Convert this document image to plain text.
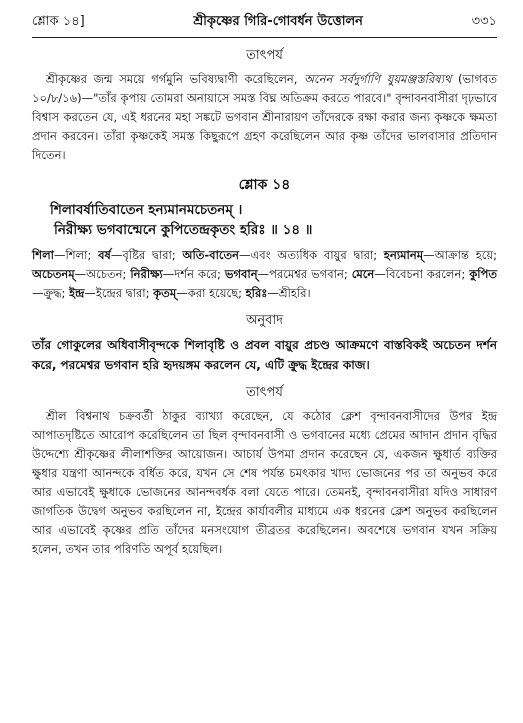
শ্লোক ১৪]	শ্রীকৃষ্ণের গিরি-গোবর্ধন উত্তোলন	৩৩১
তাৎপর্য

শ্রীকৃষ্ণের জন্ম সময়ে গর্গমুনি ভবিষ্যদ্বাণী করেছিলেন, অনেন সর্বদুর্গাণি যুয়মঞ্জস্তরিষ্যথ (ভাগবত ১০/৮/১৬)—"তাঁর কৃপায় তোমরা অনায়াসে সমস্ত বিঘ্ন অতিক্রম করতে পারবে।" বৃন্দাবনবাসীরা দৃঢ়ভাবে বিশ্বাস করতেন যে, এই ধরনের মহা সঙ্কটে ভগবান শ্রীনারায়ণ তাঁদেরকে রক্ষা করার জন্য কৃষ্ণকে ক্ষমতা প্রদান করবেন। তাঁরা কৃষ্ণকেই সমস্ত কিছুরূপে গ্রহণ করেছিলেন আর কৃষ্ণ তাঁদের ভালবাসার প্রতিদান দিতেন।

শ্লোক ১৪
শিলাবর্ষাতিবাতেন হন্যমানমচেতনম্ ।
নিরীক্ষ্য ভগবান্মেনে কুপিতেন্দ্রকৃতং হরিঃ ॥ ১৪ ॥

শিলা—শিলা; বর্ষ—বৃষ্টির দ্বারা; অতি-বাতেন—এবং অত্যধিক বায়ুর দ্বারা; হন্যমানম্—আক্রান্ত হয়ে; অচেতনম্—অচেতন; নিরীক্ষ্য—দর্শন করে; ভগবান্—পরমেশ্বর ভগবান; মেনে—বিবেচনা করলেন; কুপিত—ক্রুদ্ধ; ইন্দ্র—ইন্দ্রের দ্বারা; কৃতম্—করা হয়েছে; হরিঃ—শ্রীহরি।

অনুবাদ

তাঁর গোকুলের অধিবাসীবৃন্দকে শিলাবৃষ্টি ও প্রবল বায়ুর প্রচণ্ড আক্রমণে বাস্তবিকই অচেতন দর্শন করে, পরমেশ্বর ভগবান হরি হৃদয়ঙ্গম করলেন যে, এটি ক্রুদ্ধ ইন্দ্রের কাজ।

তাৎপর্য

শ্রীল বিশ্বনাথ চক্রবর্তী ঠাকুর ব্যাখ্যা করেছেন, যে কঠোর ক্লেশ বৃন্দাবনবাসীদের উপর ইন্দ্র আপাতদৃষ্টিতে আরোপ করেছিলেন তা ছিল বৃন্দাবনবাসী ও ভগবানের মধ্যে প্রেমের আদান প্রদান বৃদ্ধির উদ্দেশ্যে শ্রীকৃষ্ণের লীলাশক্তির আয়োজন। আচার্য উপমা প্রদান করেছেন যে, একজন ক্ষুধার্ত ব্যক্তির ক্ষুধার যন্ত্রণা আনন্দকে বর্ধিত করে, যখন সে শেষ পর্যন্ত চমৎকার খাদ্য ভোজনের পর তা অনুভব করে আর এভাবেই ক্ষুধাকে ভোজনের আনন্দবর্ধক বলা যেতে পারে। তেমনই, বৃন্দাবনবাসীরা যদিও সাধারণ জাগতিক উদ্বেগ অনুভব করছিলেন না, ইন্দ্রের কার্যাবলীর মাধ্যমে এক ধরনের ক্লেশ অনুভব করছিলেন আর এভাবেই কৃষ্ণের প্রতি তাঁদের মনসংযোগ তীব্রতর করেছিলেন। অবশেষে ভগবান যখন সক্রিয় হলেন, তখন তার পরিণতি অপূর্ব হয়েছিল।
